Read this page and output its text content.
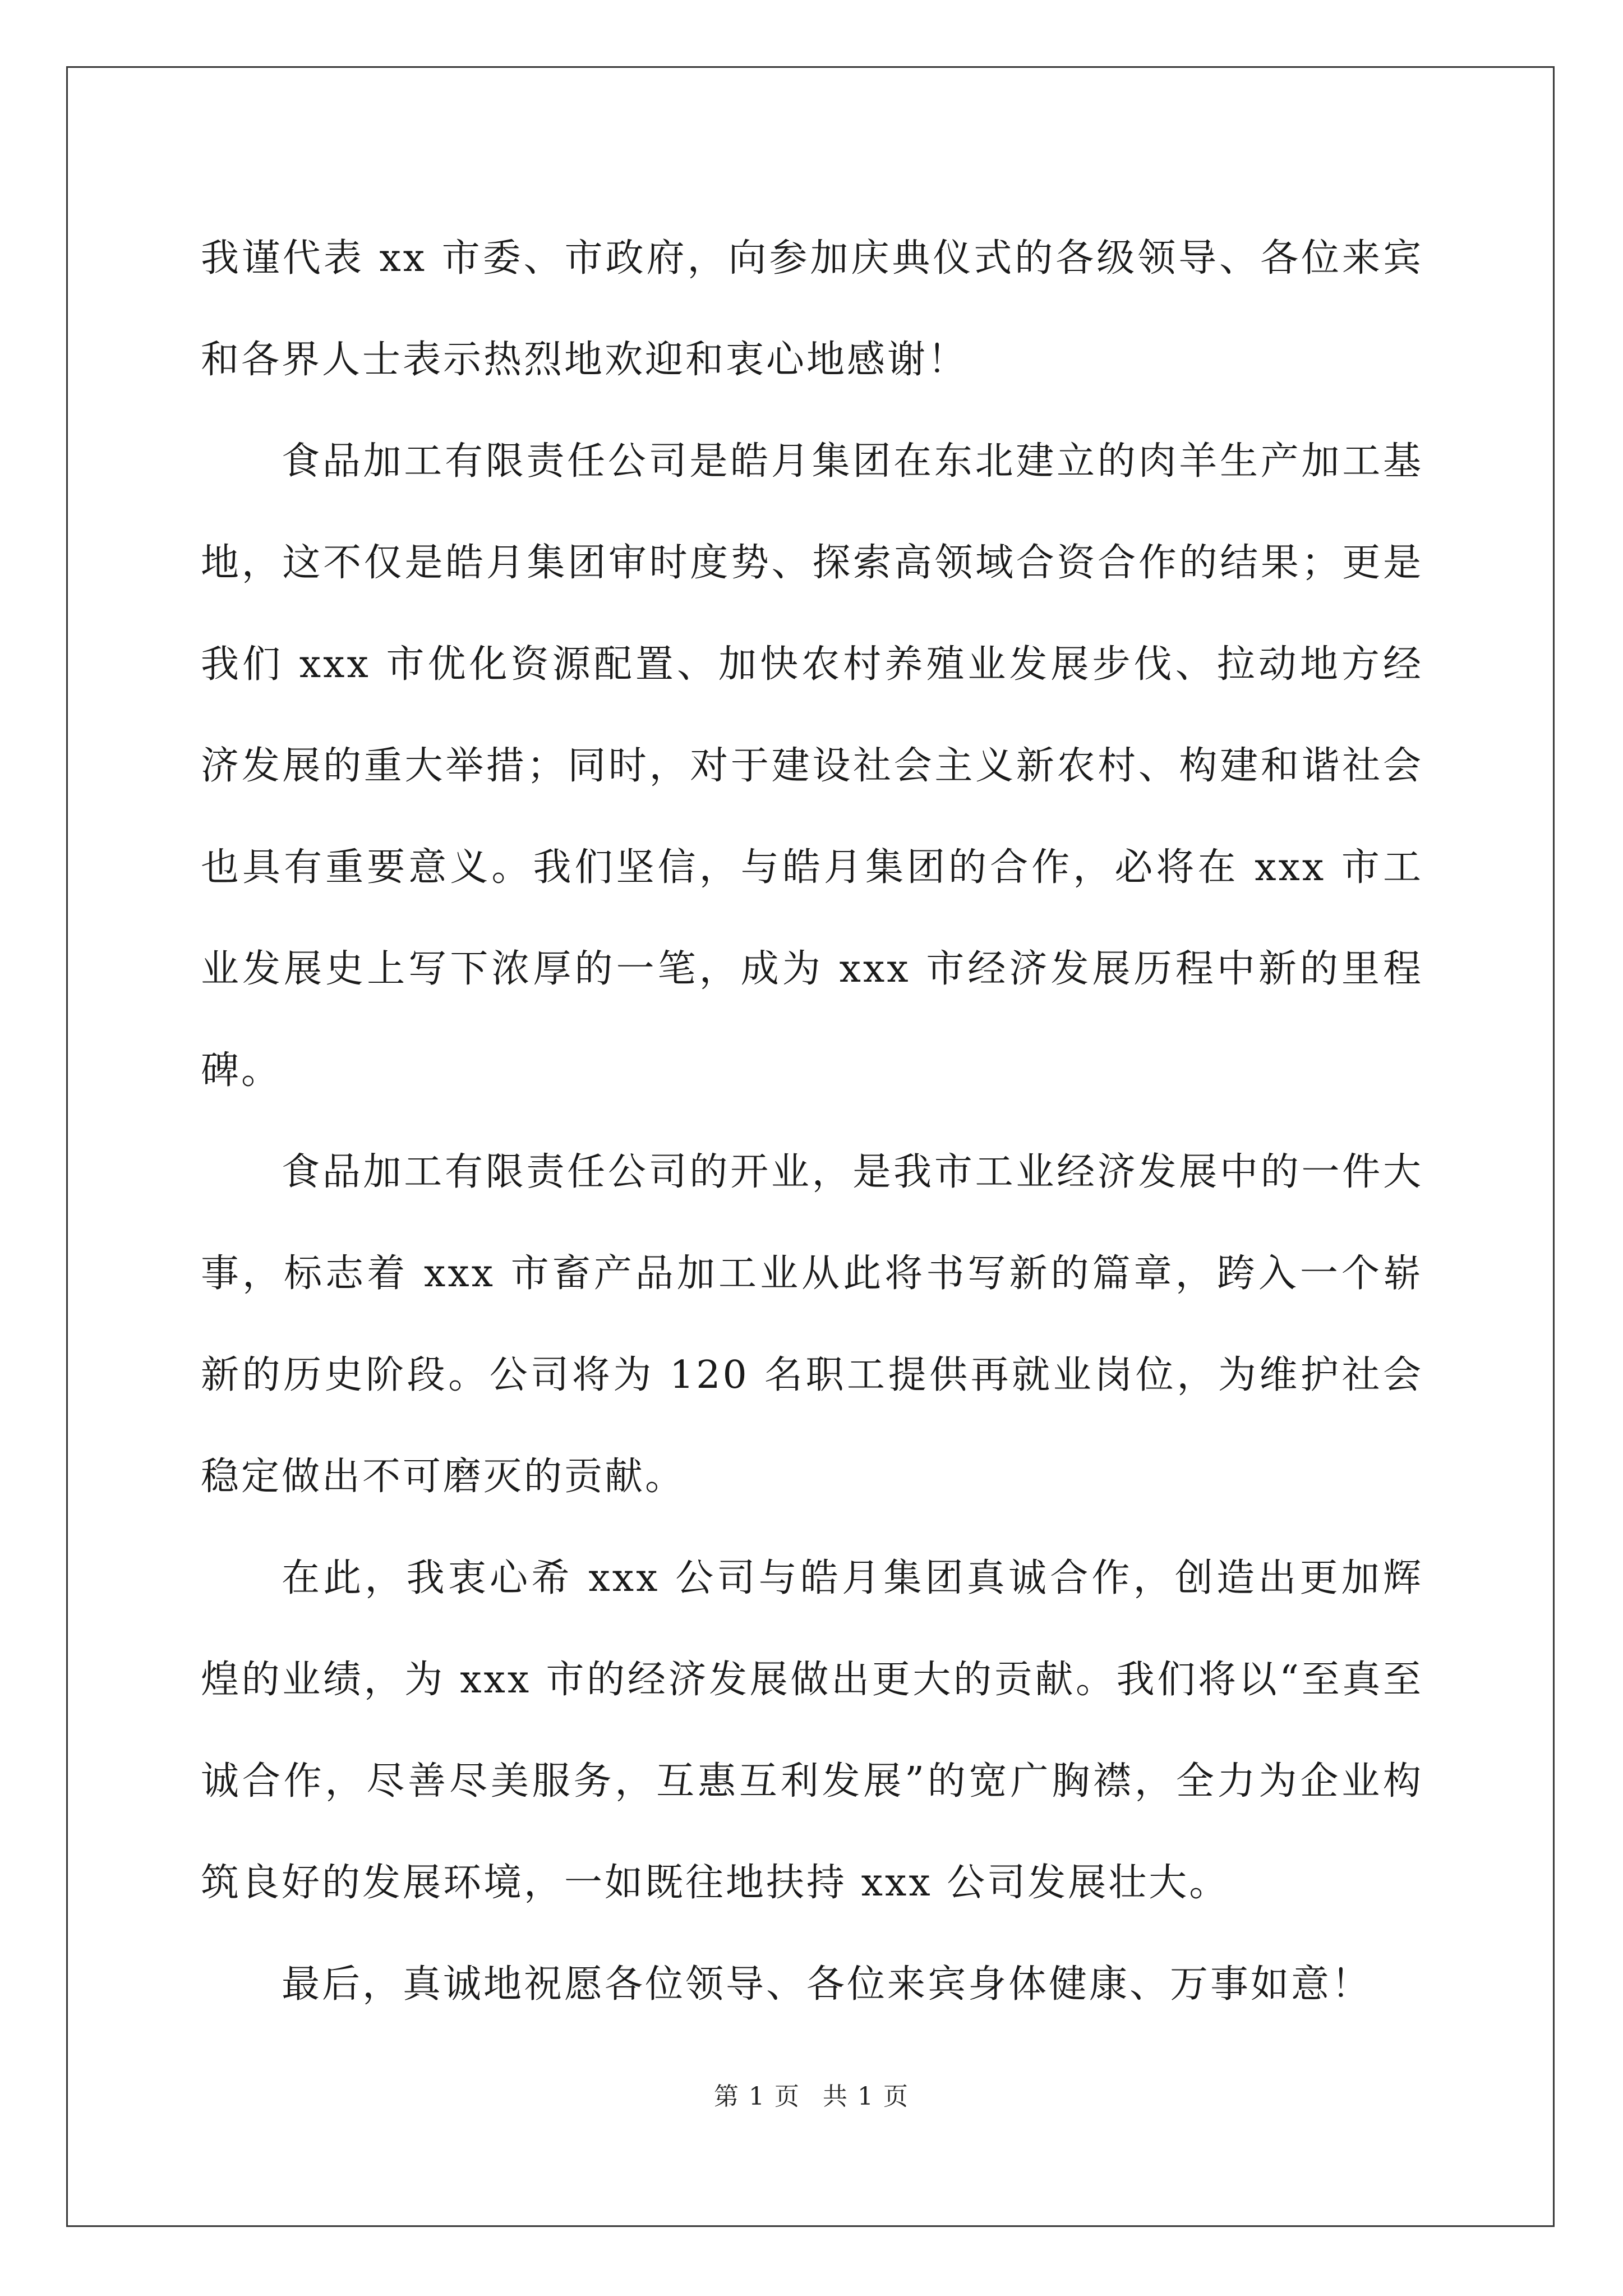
我谨代表 xx 市委、市政府，向参加庆典仪式的各级领导、各位来宾和各界人士表示热烈地欢迎和衷心地感谢！

食品加工有限责任公司是皓月集团在东北建立的肉羊生产加工基地，这不仅是皓月集团审时度势、探索高领域合资合作的结果；更是我们 xxx 市优化资源配置、加快农村养殖业发展步伐、拉动地方经济发展的重大举措；同时，对于建设社会主义新农村、构建和谐社会也具有重要意义。我们坚信，与皓月集团的合作，必将在 xxx 市工业发展史上写下浓厚的一笔，成为 xxx 市经济发展历程中新的里程碑。

食品加工有限责任公司的开业，是我市工业经济发展中的一件大事，标志着 xxx 市畜产品加工业从此将书写新的篇章，跨入一个崭新的历史阶段。公司将为 120 名职工提供再就业岗位，为维护社会稳定做出不可磨灭的贡献。

在此，我衷心希 xxx 公司与皓月集团真诚合作，创造出更加辉煌的业绩，为 xxx 市的经济发展做出更大的贡献。我们将以“至真至诚合作，尽善尽美服务，互惠互利发展”的宽广胸襟，全力为企业构筑良好的发展环境，一如既往地扶持 xxx 公司发展壮大。

最后，真诚地祝愿各位领导、各位来宾身体健康、万事如意！

第 1 页 共 1 页
